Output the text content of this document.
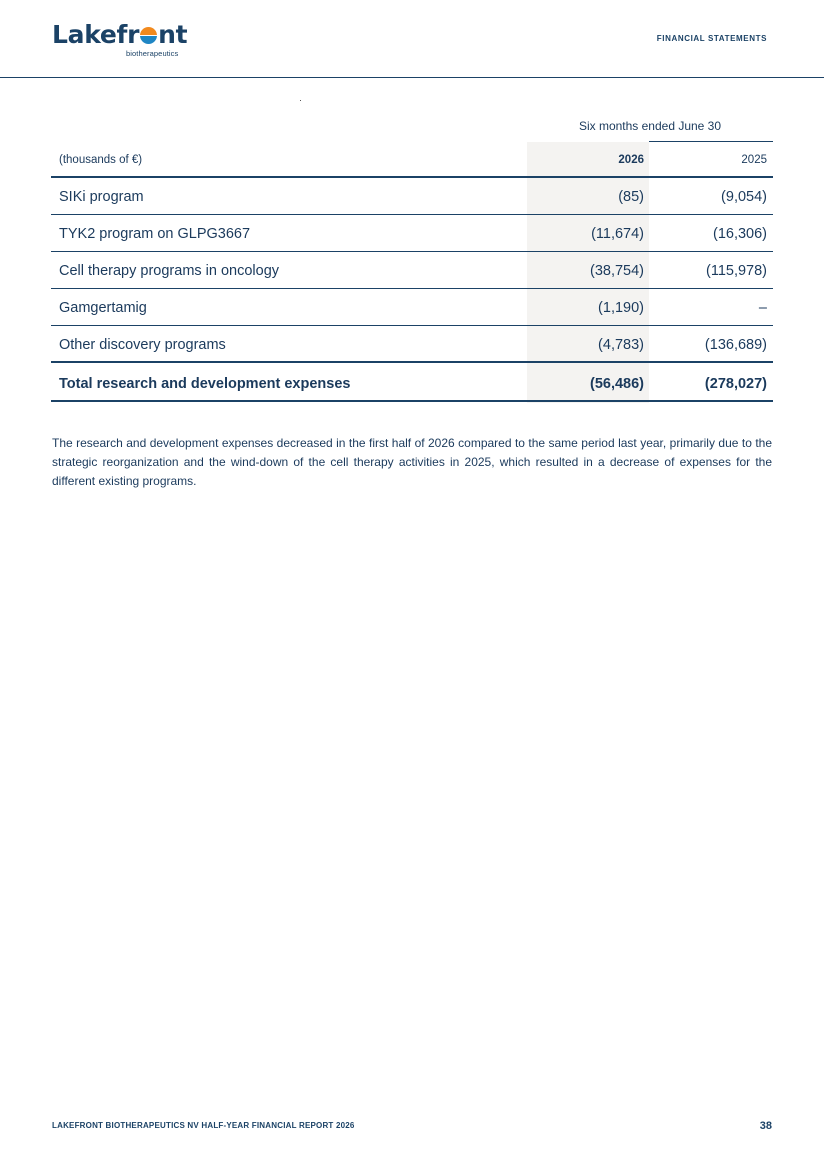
Lakefr nt
biotherapeutics
FINANCIAL STATEMENTS
Six months ended June 30
(thousands of €)	2026	2025
SIKi program	(85)	(9,054)
TYK2 program on GLPG3667	(11,674)	(16,306)
Cell therapy programs in oncology	(38,754)	(115,978)
Gamgertamig	(1,190)	–
Other discovery programs	(4,783)	(136,689)
Total research and development expenses	(56,486)	(278,027)

The research and development expenses decreased in the first half of 2026 compared to the same period last year, primarily due to the strategic reorganization and the wind-down of the cell therapy activities in 2025, which resulted in a decrease of expenses for the different existing programs.

LAKEFRONT BIOTHERAPEUTICS NV HALF-YEAR FINANCIAL REPORT 2026	38
